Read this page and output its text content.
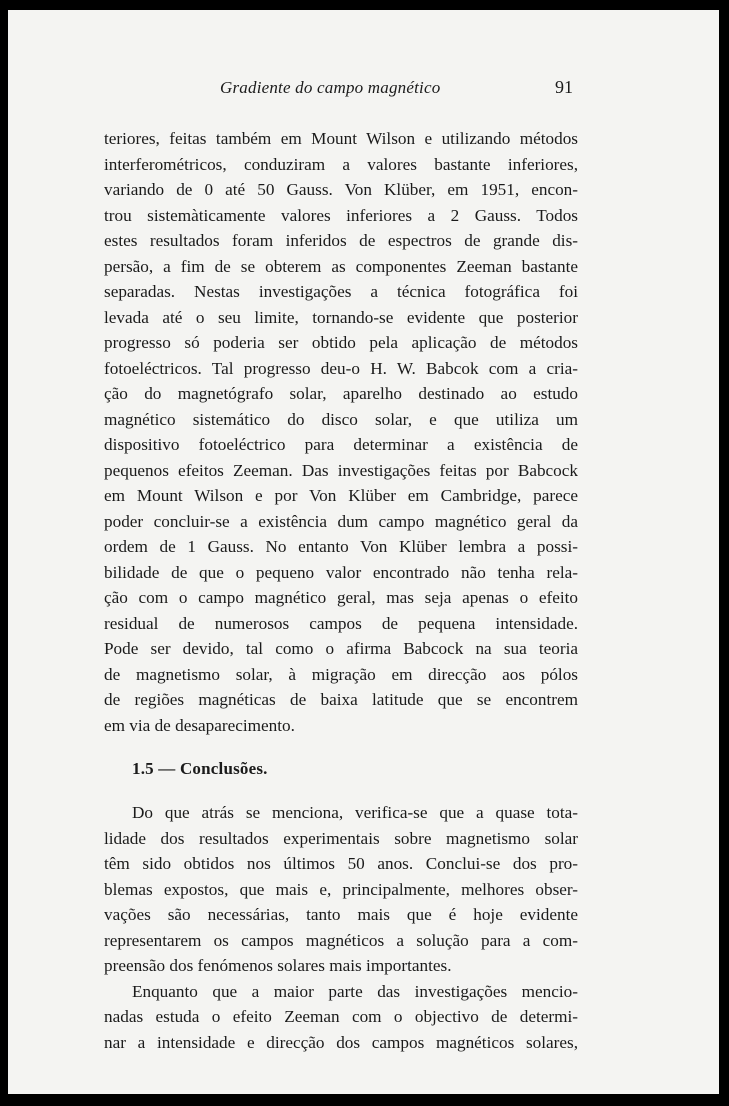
Gradiente do campo magnético	91
teriores, feitas também em Mount Wilson e utilizando métodos
interferométricos, conduziram a valores bastante inferiores,
variando de 0 até 50 Gauss. Von Klüber, em 1951, encon-
trou sistemàticamente valores inferiores a 2 Gauss. Todos
estes resultados foram inferidos de espectros de grande dis-
persão, a fim de se obterem as componentes Zeeman bastante
separadas. Nestas investigações a técnica fotográfica foi
levada até o seu limite, tornando-se evidente que posterior
progresso só poderia ser obtido pela aplicação de métodos
fotoeléctricos. Tal progresso deu-o H. W. Babcok com a cria-
ção do magnetógrafo solar, aparelho destinado ao estudo
magnético sistemático do disco solar, e que utiliza um
dispositivo fotoeléctrico para determinar a existência de
pequenos efeitos Zeeman. Das investigações feitas por Babcock
em Mount Wilson e por Von Klüber em Cambridge, parece
poder concluir-se a existência dum campo magnético geral da
ordem de 1 Gauss. No entanto Von Klüber lembra a possi-
bilidade de que o pequeno valor encontrado não tenha rela-
ção com o campo magnético geral, mas seja apenas o efeito
residual de numerosos campos de pequena intensidade.
Pode ser devido, tal como o afirma Babcock na sua teoria
de magnetismo solar, à migração em direcção aos pólos
de regiões magnéticas de baixa latitude que se encontrem
em via de desaparecimento.
1.5 — Conclusões.
Do que atrás se menciona, verifica-se que a quase tota-
lidade dos resultados experimentais sobre magnetismo solar
têm sido obtidos nos últimos 50 anos. Conclui-se dos pro-
blemas expostos, que mais e, principalmente, melhores obser-
vações são necessárias, tanto mais que é hoje evidente
representarem os campos magnéticos a solução para a com-
preensão dos fenómenos solares mais importantes.
Enquanto que a maior parte das investigações mencio-
nadas estuda o efeito Zeeman com o objectivo de determi-
nar a intensidade e direcção dos campos magnéticos solares,
